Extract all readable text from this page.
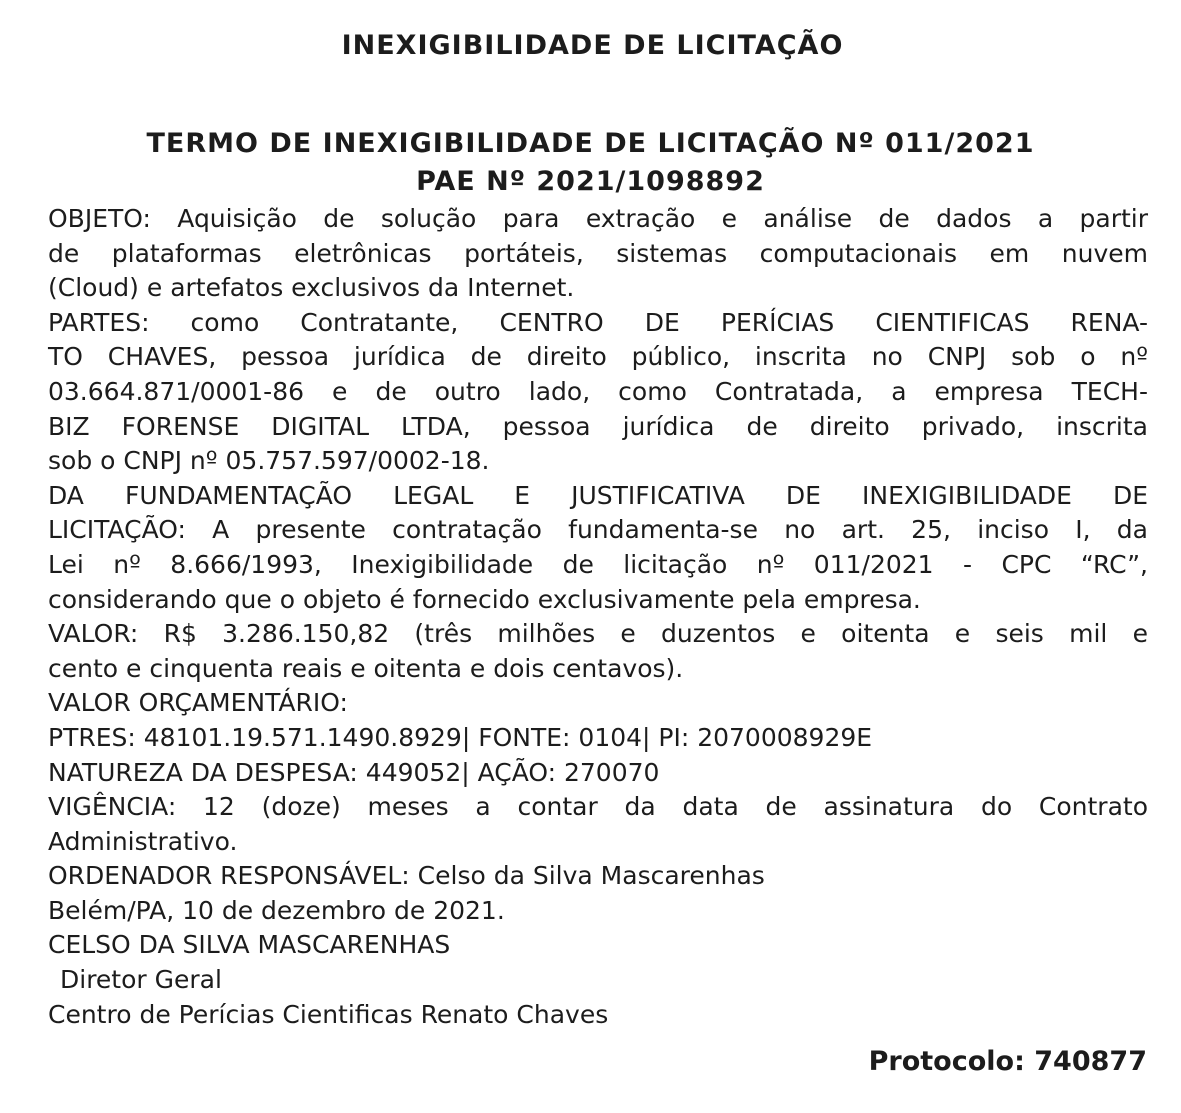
INEXIGIBILIDADE DE LICITAÇÃO
TERMO DE INEXIGIBILIDADE DE LICITAÇÃO Nº 011/2021
PAE Nº 2021/1098892
OBJETO: Aquisição de solução para extração e análise de dados a partir
de plataformas eletrônicas portáteis, sistemas computacionais em nuvem
(Cloud) e artefatos exclusivos da Internet.
PARTES: como Contratante, CENTRO DE PERÍCIAS CIENTIFICAS RENA-
TO CHAVES, pessoa jurídica de direito público, inscrita no CNPJ sob o nº
03.664.871/0001-86 e de outro lado, como Contratada, a empresa TECH-
BIZ FORENSE DIGITAL LTDA, pessoa jurídica de direito privado, inscrita
sob o CNPJ nº 05.757.597/0002-18.
DA FUNDAMENTAÇÃO LEGAL E JUSTIFICATIVA DE INEXIGIBILIDADE DE
LICITAÇÃO: A presente contratação fundamenta-se no art. 25, inciso I, da
Lei nº 8.666/1993, Inexigibilidade de licitação nº 011/2021 - CPC “RC”,
considerando que o objeto é fornecido exclusivamente pela empresa.
VALOR: R$ 3.286.150,82 (três milhões e duzentos e oitenta e seis mil e
cento e cinquenta reais e oitenta e dois centavos).
VALOR ORÇAMENTÁRIO:
PTRES: 48101.19.571.1490.8929| FONTE: 0104| PI: 2070008929E
NATUREZA DA DESPESA: 449052| AÇÃO: 270070
VIGÊNCIA: 12 (doze) meses a contar da data de assinatura do Contrato
Administrativo.
ORDENADOR RESPONSÁVEL: Celso da Silva Mascarenhas
Belém/PA, 10 de dezembro de 2021.
CELSO DA SILVA MASCARENHAS
Diretor Geral
Centro de Perícias Cientificas Renato Chaves
Protocolo: 740877
